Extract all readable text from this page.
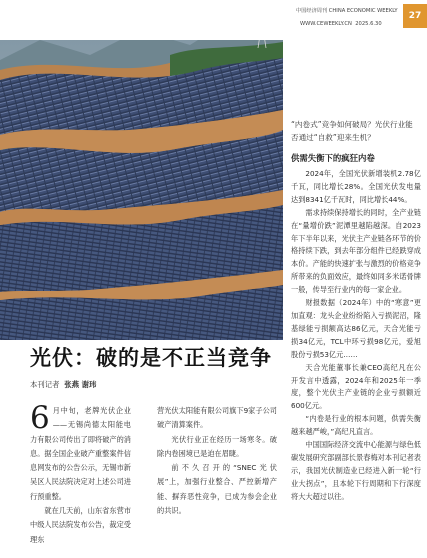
中国经济周刊 CHINA ECONOMIC WEEKLY
WWW.CEWEEKLY.CN 2025.6.30
27
“内卷式”竞争如何破局？光伏行业能否通过“自救”迎来生机？
供需失衡下的疯狂内卷

2024年，全国光伏新增装机2.78亿千瓦，同比增长28%。全国光伏发电量达到8341亿千瓦时，同比增长44%。

需求持续保持增长的同时，全产业链在“量增价跌”泥潭里越陷越深。自2023年下半年以来，光伏主产业链各环节的价格持续下跌，到去年部分组件已经跌穿成本价。产能的快速扩张与激烈的价格竞争所带来的负面效应，最终如同多米诺骨牌一般，传导至行业内的每一家企业。

财报数据（2024年）中的“寒意”更加直观：龙头企业纷纷陷入亏损泥沼，隆基绿能亏损额高达86亿元，天合光能亏损34亿元，TCL中环亏损98亿元，爱旭股份亏损53亿元……

天合光能董事长兼CEO高纪凡在公开发言中透露，2024年和2025年一季度，整个光伏主产业链的企业亏损额近600亿元。

“内卷是行业的根本问题，供需失衡越来越严峻，”高纪凡直言。

中国国际经济交流中心能源与绿色低碳发展研究部副部长景春梅对本刊记者表示，我国光伏制造业已经进入新一轮“行业大拐点”，且本轮下行周期和下行深度将大大超过以往。

光伏：破的是不正当竞争
本刊记者 张燕 谢玮

6 月中旬，老牌光伏企业——无锡尚德太阳能电力有限公司传出了即将破产的消息。据全国企业破产重整案件信息网发布的公告公示，无锡市新吴区人民法院决定对上述公司进行预重整。

就在几天前，山东省东营市中级人民法院发布公告，裁定受理东

营光伏太阳能有限公司旗下9家子公司破产清算案件。

光伏行业正在经历一场寒冬。破除内卷困境已是迫在眉睫。

前不久召开的“SNEC光伏展”上，加强行业整合、严控新增产能、摒弃恶性竞争，已成为参会企业的共识。
